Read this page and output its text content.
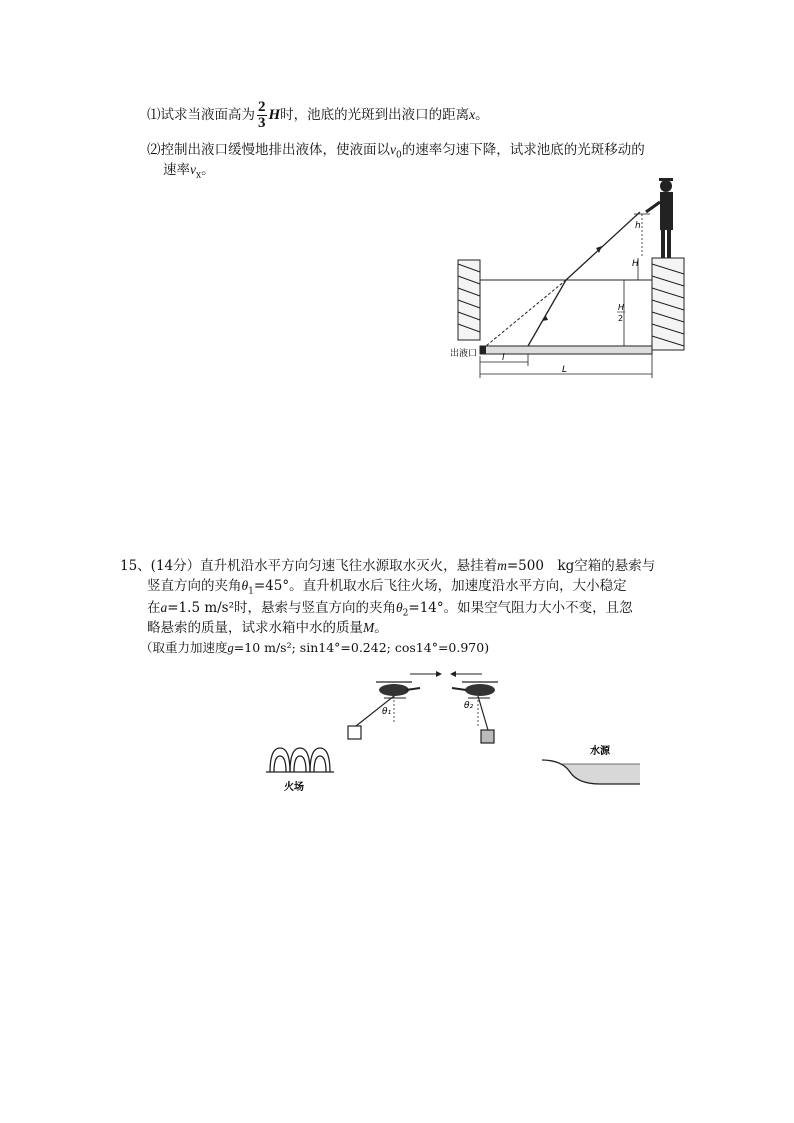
⑴试求当液面高为 $\frac{2}{3}$ H时，池底的光斑到出液口的距离x。
⑵控制出液口缓慢地排出液体，使液面以$v_0$的速率匀速下降，试求池底的光斑移动的
速率$v_x$。
h
H
H
2
出液口	l
L
15、(14分）直升机沿水平方向匀速飞往水源取水灭火，悬挂着m=500　kg空箱的悬索与
竖直方向的夹角$\theta_1=45^\circ$。直升机取水后飞往火场，加速度沿水平方向，大小稳定
在a=1.5 m/s²时，悬索与竖直方向的夹角$\theta_2=14^\circ$。如果空气阻力大小不变，且忽
略悬索的质量，试求水箱中水的质量M。
（取重力加速度g=10 m/s²; sin14°=0.242; cos14°=0.970)
θ₁
θ₂
火场
水源
